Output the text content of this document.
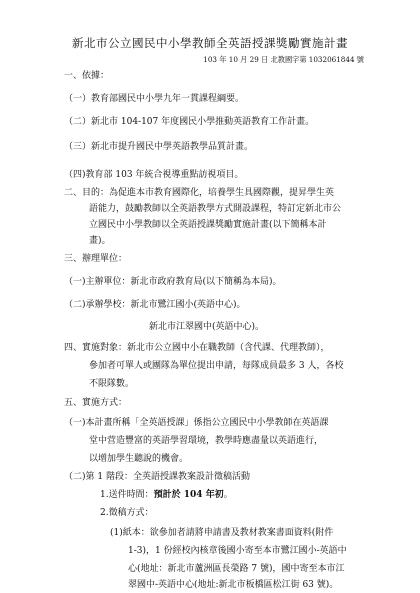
新北市公立國民中小學教師全英語授課獎勵實施計畫
103 年 10 月 29 日 北教國字第 1032061844 號
一、依據：
（一）教育部國民中小學九年一貫課程綱要。
（二）新北市 104-107 年度國民小學推動英語教育工作計畫。
（三）新北市提升國民中學英語教學品質計畫。
（四)教育部 103 年統合視導重點訪視項目。
二、目的：為促進本市教育國際化，培養學生具國際觀，提昇學生英
語能力，鼓勵教師以全英語教學方式開設課程，特訂定新北市公
立國民中小學教師以全英語授課獎勵實施計畫(以下簡稱本計
畫)。
三、辦理單位：
（一)主辦單位：新北市政府教育局(以下簡稱為本局)。
（二)承辦學校：新北市鷺江國小(英語中心)。
新北市江翠國中(英語中心)。
四、實施對象：新北市公立國中小在職教師（含代課、代理教師），
參加者可單人或團隊為單位提出申請，每隊成員最多 3 人，各校
不限隊數。
五、實施方式：
（一)本計畫所稱「全英語授課」係指公立國民中小學教師在英語課
堂中营造豐富的英語學習環境，教學時應盡量以英語進行，
以增加學生聽說的機會。
（二)第 1 階段：全英語授課教案設計徵稿活動
1.送件時間：預計於 104 年初。
2.徵稿方式：
(1)紙本：欲參加者請將申請書及教材教案書面資料(附件
1-3)，1 份經校內核章後國小寄至本市鷺江國小-英語中
心(地址：新北市蘆洲區長榮路 7 號)，國中寄至本市江
翠國中-英語中心(地址:新北市板橋區松江街 63 號)。
